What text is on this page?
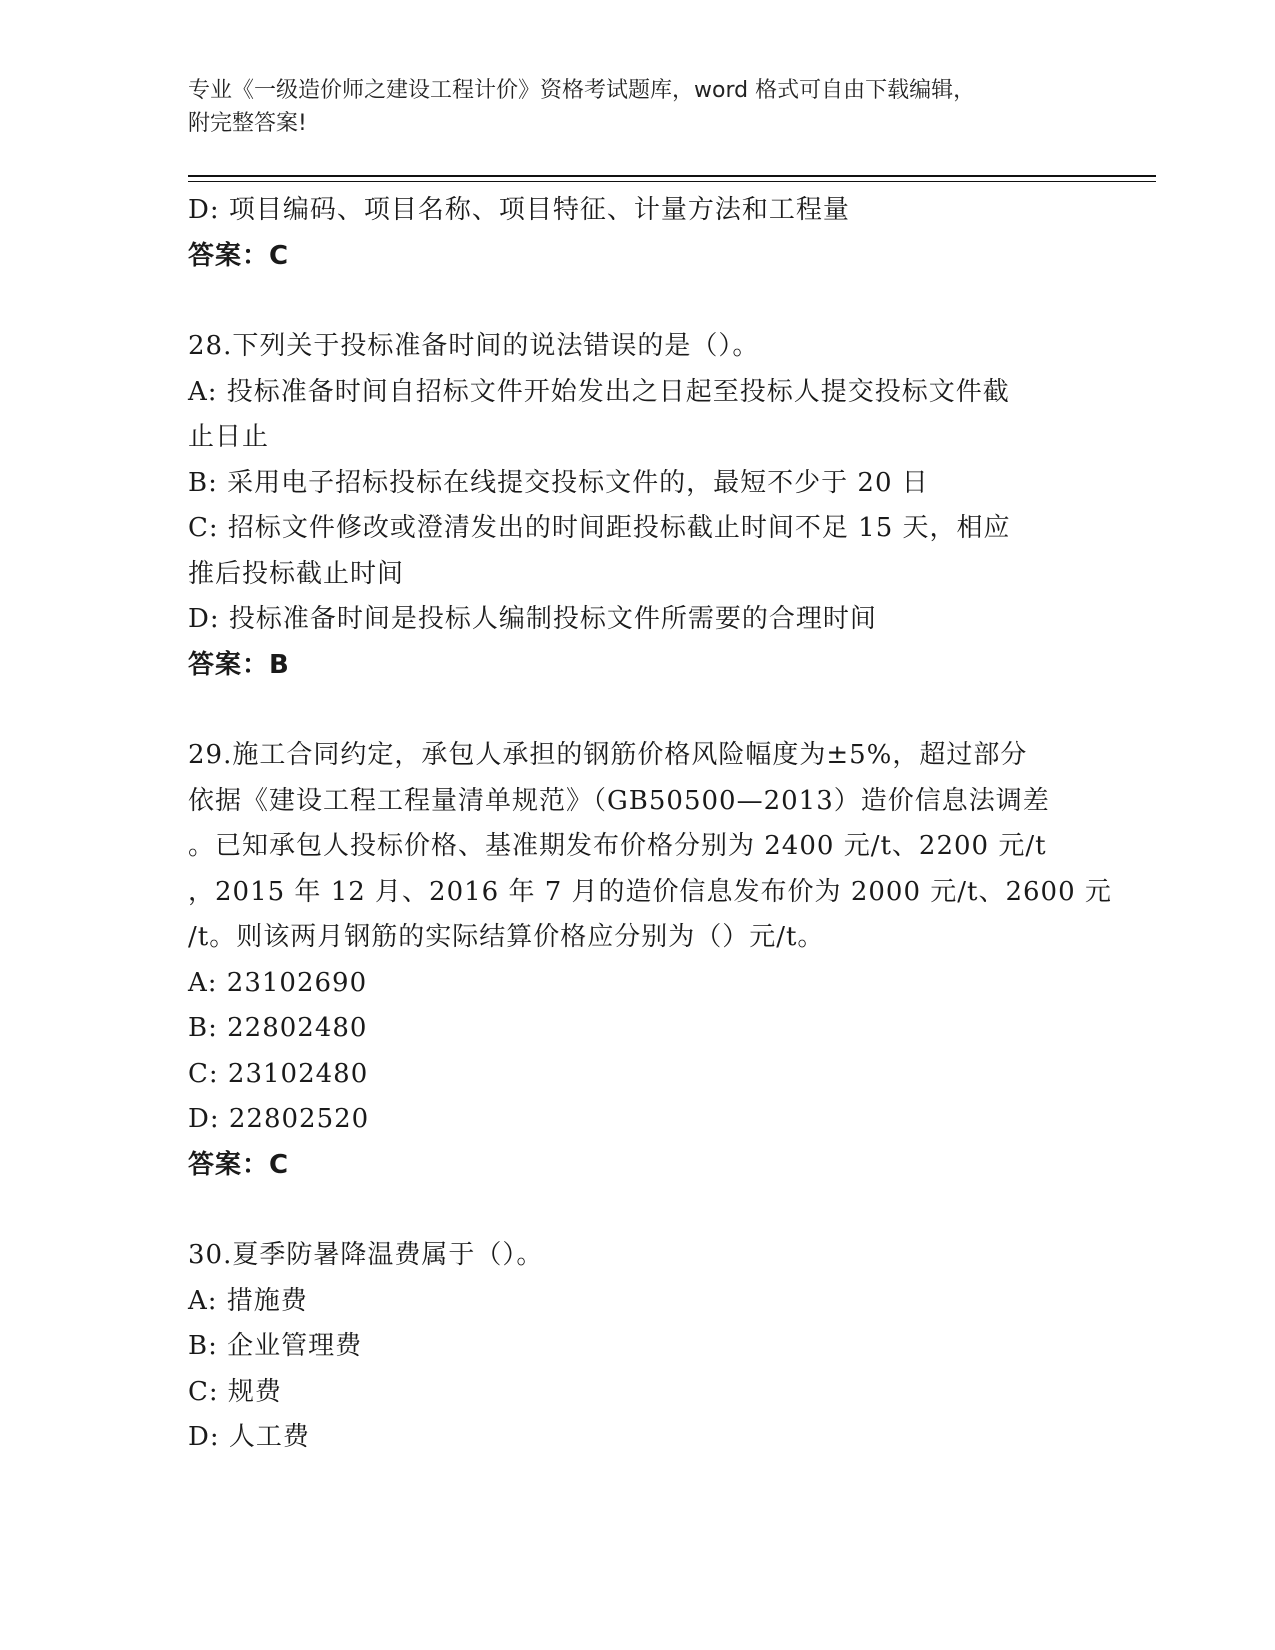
专业《一级造价师之建设工程计价》资格考试题库，word 格式可自由下载编辑，
附完整答案!
D: 项目编码、项目名称、项目特征、计量方法和工程量
答案：C
28.下列关于投标准备时间的说法错误的是（）。
A: 投标准备时间自招标文件开始发出之日起至投标人提交投标文件截
止日止
B: 采用电子招标投标在线提交投标文件的，最短不少于 20 日
C: 招标文件修改或澄清发出的时间距投标截止时间不足 15 天，相应
推后投标截止时间
D: 投标准备时间是投标人编制投标文件所需要的合理时间
答案：B
29.施工合同约定，承包人承担的钢筋价格风险幅度为±5%，超过部分
依据《建设工程工程量清单规范》（GB50500—2013）造价信息法调差
。已知承包人投标价格、基准期发布价格分别为 2400 元/t、2200 元/t
，2015 年 12 月、2016 年 7 月的造价信息发布价为 2000 元/t、2600 元
/t。则该两月钢筋的实际结算价格应分别为（）元/t。
A: 23102690
B: 22802480
C: 23102480
D: 22802520
答案：C
30.夏季防暑降温费属于（）。
A: 措施费
B: 企业管理费
C: 规费
D: 人工费
